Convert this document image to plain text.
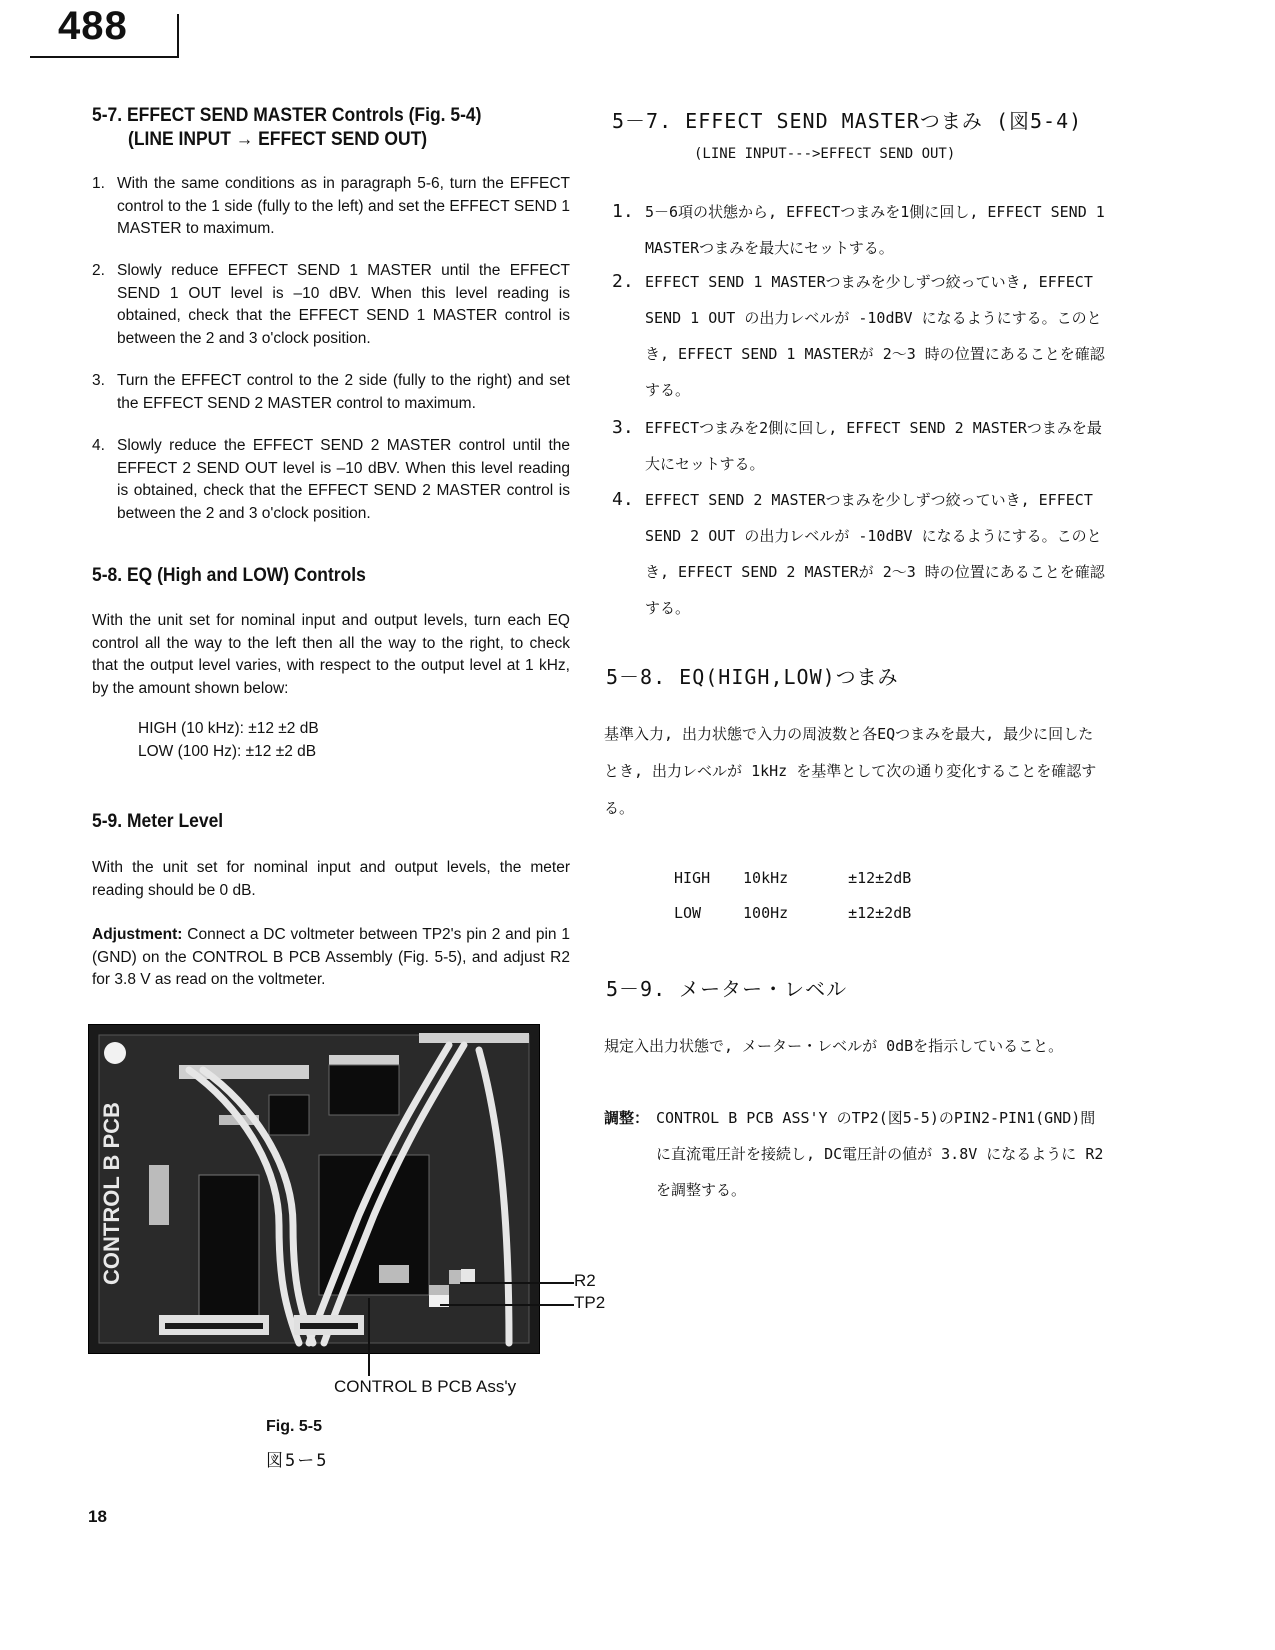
488
5-7. EFFECT SEND MASTER Controls (Fig. 5-4)
(LINE INPUT → EFFECT SEND OUT)
1. With the same conditions as in paragraph 5-6, turn the EFFECT control to the 1 side (fully to the left) and set the EFFECT SEND 1 MASTER to maximum.
2. Slowly reduce EFFECT SEND 1 MASTER until the EFFECT SEND 1 OUT level is –10 dBV. When this level reading is obtained, check that the EFFECT SEND 1 MASTER control is between the 2 and 3 o'clock position.
3. Turn the EFFECT control to the 2 side (fully to the right) and set the EFFECT SEND 2 MASTER control to maximum.
4. Slowly reduce the EFFECT SEND 2 MASTER control until the EFFECT 2 SEND OUT level is –10 dBV. When this level reading is obtained, check that the EFFECT SEND 2 MASTER control is between the 2 and 3 o'clock position.
5-8. EQ (High and LOW) Controls
With the unit set for nominal input and output levels, turn each EQ control all the way to the left then all the way to the right, to check that the output level varies, with respect to the output level at 1 kHz, by the amount shown below:
HIGH (10 kHz): ±12 ±2 dB
LOW (100 Hz): ±12 ±2 dB
5-9. Meter Level
With the unit set for nominal input and output levels, the meter reading should be 0 dB.
Adjustment: Connect a DC voltmeter between TP2's pin 2 and pin 1 (GND) on the CONTROL B PCB Assembly (Fig. 5-5), and adjust R2 for 3.8 V as read on the voltmeter.
CONTROL B PCB	R2
TP2
CONTROL B PCB Ass'y
Fig. 5-5
図5ー5
18
5－7. EFFECT SEND MASTERつまみ (図5-4)
(LINE INPUT--->EFFECT SEND OUT)
1. 5－6項の状態から, EFFECTつまみを1側に回し, EFFECT SEND 1 MASTERつまみを最大にセットする。
2. EFFECT SEND 1 MASTERつまみを少しずつ絞っていき, EFFECT SEND 1 OUT の出力レベルが -10dBV になるようにする。このとき, EFFECT SEND 1 MASTERが 2〜3 時の位置にあることを確認する。
3. EFFECTつまみを2側に回し, EFFECT SEND 2 MASTERつまみを最大にセットする。
4. EFFECT SEND 2 MASTERつまみを少しずつ絞っていき, EFFECT SEND 2 OUT の出力レベルが -10dBV になるようにする。このとき, EFFECT SEND 2 MASTERが 2〜3 時の位置にあることを確認する。
5－8. EQ(HIGH,LOW)つまみ
基準入力, 出力状態で入力の周波数と各EQつまみを最大, 最少に回したとき, 出力レベルが 1kHz を基準として次の通り変化することを確認する。
HIGH 10kHz	±12±2dB
LOW	100Hz	±12±2dB
5－9. メーター・レベル
規定入出力状態で, メーター・レベルが 0dBを指示していること。
調整： CONTROL B PCB ASS'Y のTP2(図5-5)のPIN2-PIN1(GND)間に直流電圧計を接続し, DC電圧計の値が 3.8V になるように R2 を調整する。
